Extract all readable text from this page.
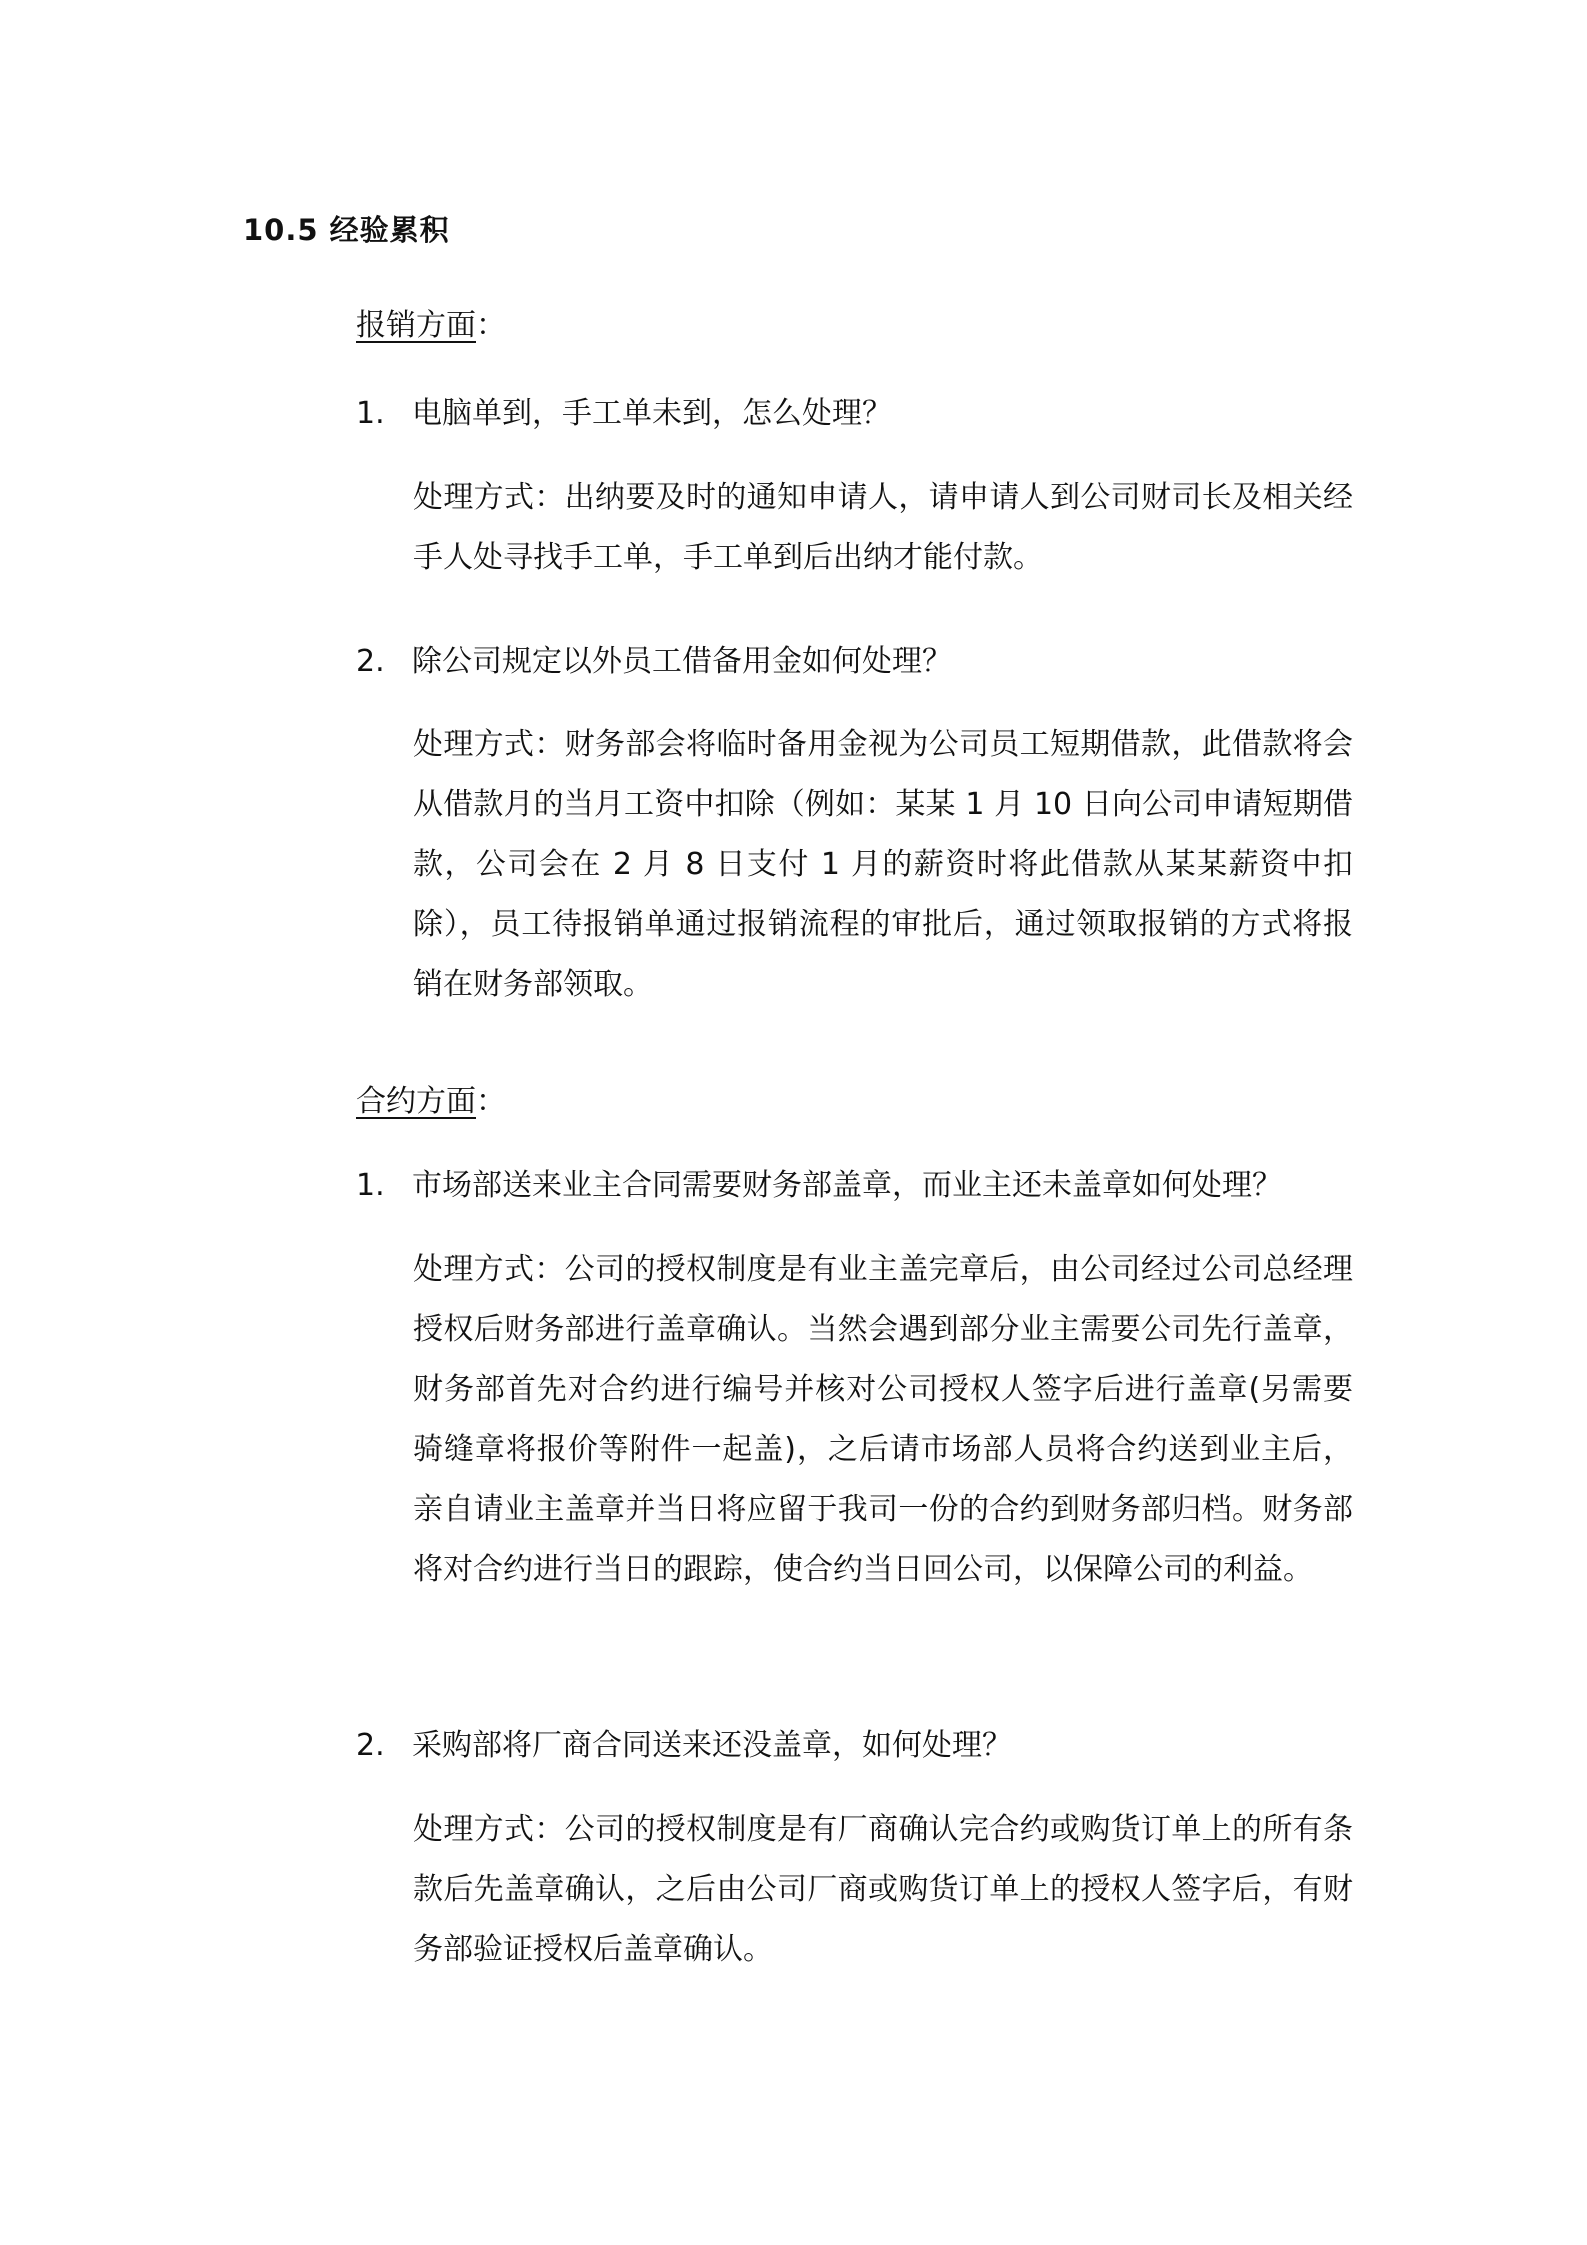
10.5 经验累积
报销方面：
1. 电脑单到，手工单未到，怎么处理？

处理方式：出纳要及时的通知申请人，请申请人到公司财司长及相关经手人处寻找手工单，手工单到后出纳才能付款。

2. 除公司规定以外员工借备用金如何处理？

处理方式：财务部会将临时备用金视为公司员工短期借款，此借款将会从借款月的当月工资中扣除（例如：某某 1 月 10 日向公司申请短期借款，公司会在 2 月 8 日支付 1 月的薪资时将此借款从某某薪资中扣除），员工待报销单通过报销流程的审批后，通过领取报销的方式将报销在财务部领取。

合约方面：
1. 市场部送来业主合同需要财务部盖章，而业主还未盖章如何处理？

处理方式：公司的授权制度是有业主盖完章后，由公司经过公司总经理授权后财务部进行盖章确认。当然会遇到部分业主需要公司先行盖章，财务部首先对合约进行编号并核对公司授权人签字后进行盖章(另需要骑缝章将报价等附件一起盖)，之后请市场部人员将合约送到业主后，亲自请业主盖章并当日将应留于我司一份的合约到财务部归档。财务部将对合约进行当日的跟踪，使合约当日回公司，以保障公司的利益。

2. 采购部将厂商合同送来还没盖章，如何处理？

处理方式：公司的授权制度是有厂商确认完合约或购货订单上的所有条款后先盖章确认，之后由公司厂商或购货订单上的授权人签字后，有财务部验证授权后盖章确认。
